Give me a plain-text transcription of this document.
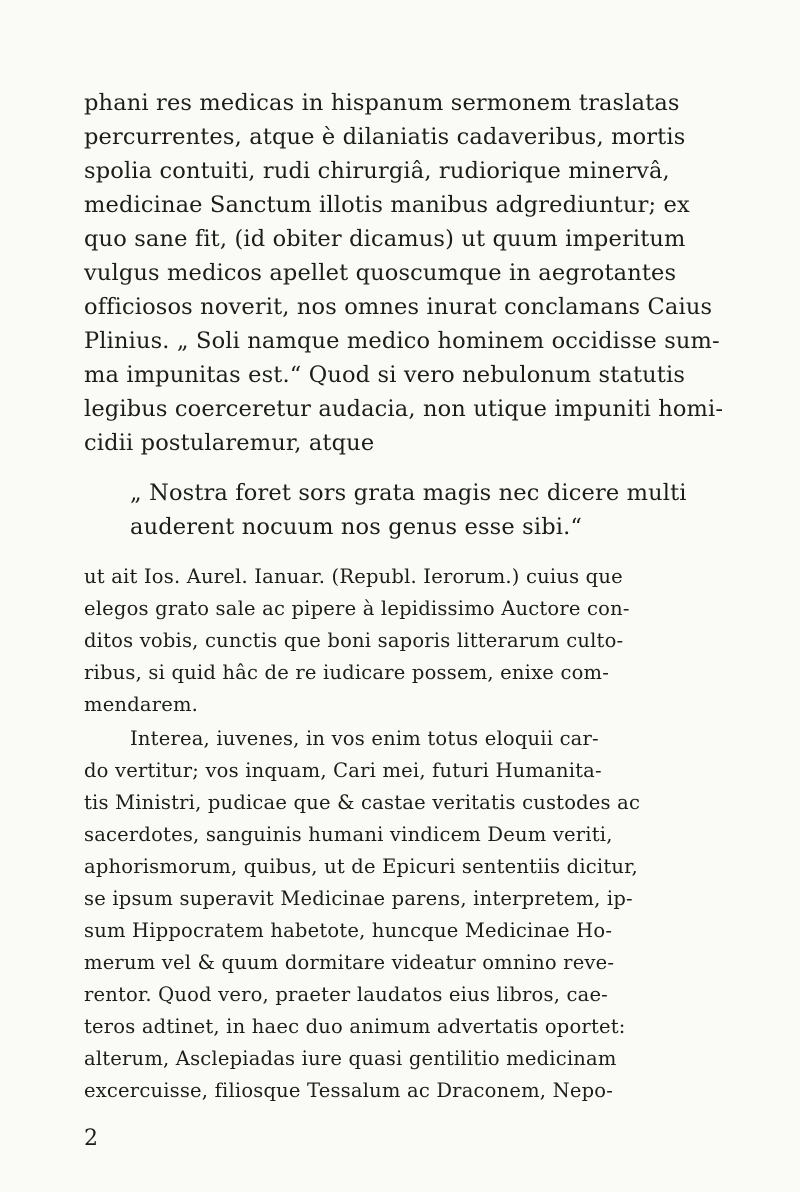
phani res medicas in hispanum sermonem traslatas
percurrentes, atque è dilaniatis cadaveribus, mortis
spolia contuiti, rudi chirurgiâ, rudiorique minervâ,
medicinae Sanctum illotis manibus adgrediuntur; ex
quo sane fit, (id obiter dicamus) ut quum imperitum
vulgus medicos apellet quoscumque in aegrotantes
officiosos noverit, nos omnes inurat conclamans Caius
Plinius. „ Soli namque medico hominem occidisse sum-
ma impunitas est.“ Quod si vero nebulonum statutis
legibus coerceretur audacia, non utique impuniti homi-
cidii postularemur, atque
„ Nostra foret sors grata magis nec dicere multi
auderent nocuum nos genus esse sibi.“
ut ait Ios. Aurel. Ianuar. (Republ. Ierorum.) cuius que
elegos grato sale ac pipere à lepidissimo Auctore con-
ditos vobis, cunctis que boni saporis litterarum culto-
ribus, si quid hâc de re iudicare possem, enixe com-
mendarem.
Interea, iuvenes, in vos enim totus eloquii car-
do vertitur; vos inquam, Cari mei, futuri Humanita-
tis Ministri, pudicae que & castae veritatis custodes ac
sacerdotes, sanguinis humani vindicem Deum veriti,
aphorismorum, quibus, ut de Epicuri sententiis dicitur,
se ipsum superavit Medicinae parens, interpretem, ip-
sum Hippocratem habetote, huncque Medicinae Ho-
merum vel & quum dormitare videatur omnino reve-
rentor. Quod vero, praeter laudatos eius libros, cae-
teros adtinet, in haec duo animum advertatis oportet:
alterum, Asclepiadas iure quasi gentilitio medicinam
excercuisse, filiosque Tessalum ac Draconem, Nepo-
2
